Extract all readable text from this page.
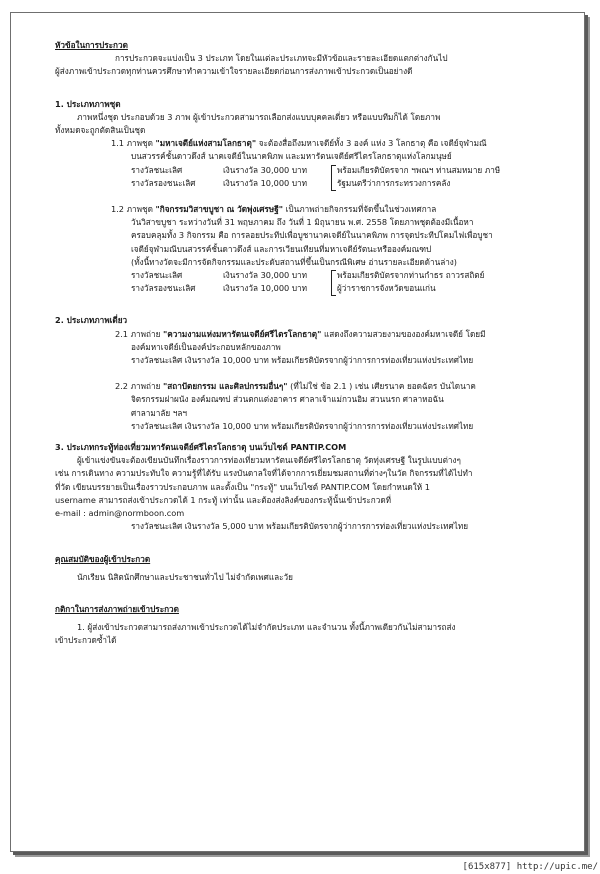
หัวข้อในการประกวด

การประกวดจะแบ่งเป็น 3 ประเภท โดยในแต่ละประเภทจะมีหัวข้อและรายละเอียดแตกต่างกันไป

ผู้ส่งภาพเข้าประกวดทุกท่านควรศึกษาทำความเข้าใจรายละเอียดก่อนการส่งภาพเข้าประกวดเป็นอย่างดี

1. ประเภทภาพชุด

ภาพหนึ่งชุด ประกอบด้วย 3 ภาพ ผู้เข้าประกวดสามารถเลือกส่งแบบบุคคลเดี่ยว หรือแบบทีมก็ได้ โดยภาพ

ทั้งหมดจะถูกตัดสินเป็นชุด

1.1 ภาพชุด "มหาเจดีย์แห่งสามโลกธาตุ" จะต้องสื่อถึงมหาเจดีย์ทั้ง 3 องค์ แห่ง 3 โลกธาตุ คือ เจดีย์จุฬามณี

บนสวรรค์ชั้นดาวดึงส์ นาคเจดีย์ในนาคพิภพ และมหารัตนเจดีย์ศรีไตรโลกธาตุแห่งโลกมนุษย์

รางวัลชนะเลิศ	เงินรางวัล 30,000 บาท	พร้อมเกียรติบัตรจาก ฯพณฯ ท่านสมหมาย ภาษี
รางวัลรองชนะเลิศ	เงินรางวัล 10,000 บาท	รัฐมนตรีว่าการกระทรวงการคลัง

1.2 ภาพชุด "กิจกรรมวิสาขบูชา ณ วัดพุ่งเศรษฐี" เป็นภาพถ่ายกิจกรรมที่จัดขึ้นในช่วงเทศกาล

วันวิสาขบูชา ระหว่างวันที่ 31 พฤษภาคม ถึง วันที่ 1 มิถุนายน พ.ศ. 2558 โดยภาพชุดต้องมีเนื้อหา

ครอบคลุมทั้ง 3 กิจกรรม คือ การลอยประทีปเพื่อบูชานาคเจดีย์ในนาคพิภพ การจุดประทีปโคมไฟเพื่อบูชา

เจดีย์จุฬามณีบนสวรรค์ชั้นดาวดึงส์ และการเวียนเทียนที่มหาเจดีย์รัตนะหรือองค์มณฑป

(ทั้งนี้ทางวัดจะมีการจัดกิจกรรมและประดับสถานที่ขึ้นเป็นกรณีพิเศษ อ่านรายละเอียดด้านล่าง)

รางวัลชนะเลิศ	เงินรางวัล 30,000 บาท	พร้อมเกียรติบัตรจากท่านกำธร ถาวรสถิตย์
รางวัลรองชนะเลิศ	เงินรางวัล 10,000 บาท	ผู้ว่าราชการจังหวัดขอนแก่น

2. ประเภทภาพเดี่ยว

2.1 ภาพถ่าย "ความงามแห่งมหารัตนเจดีย์ศรีไตรโลกธาตุ" แสดงถึงความสวยงามขององค์มหาเจดีย์ โดยมี

องค์มหาเจดีย์เป็นองค์ประกอบหลักของภาพ

รางวัลชนะเลิศ เงินรางวัล 10,000 บาท พร้อมเกียรติบัตรจากผู้ว่าการการท่องเที่ยวแห่งประเทศไทย

2.2 ภาพถ่าย "สถาปัตยกรรม และศิลปกรรมอื่นๆ" (ที่ไม่ใช่ ข้อ 2.1 ) เช่น เศียรนาค ยอดฉัตร บันไดนาค

จิตรกรรมฝาผนัง องค์มณฑป ส่วนตกแต่งอาคาร ศาลาเจ้าแม่กวนอิม สวนนรก ศาลาหอฉัน

ศาลามาลัย ฯลฯ

รางวัลชนะเลิศ เงินรางวัล 10,000 บาท พร้อมเกียรติบัตรจากผู้ว่าการการท่องเที่ยวแห่งประเทศไทย

3. ประเภทกระทู้ท่องเที่ยวมหารัตนเจดีย์ศรีไตรโลกธาตุ บนเว็บไซต์ PANTIP.COM

ผู้เข้าแข่งขันจะต้องเขียนบันทึกเรื่องราวการท่องเที่ยวมหารัตนเจดีย์ศรีไตรโลกธาตุ วัดทุ่งเศรษฐี ในรูปแบบต่างๆ

เช่น การเดินทาง ความประทับใจ ความรู้ที่ได้รับ แรงบันดาลใจที่ได้จากการเยี่ยมชมสถานที่ต่างๆในวัด กิจกรรมที่ได้ไปทำ

ที่วัด เขียนบรรยายเป็นเรื่องราวประกอบภาพ และตั้งเป็น "กระทู้" บนเว็บไซต์ PANTIP.COM โดยกำหนดให้ 1

username สามารถส่งเข้าประกวดได้ 1 กระทู้ เท่านั้น และต้องส่งลิงค์ของกระทู้นั้นเข้าประกวดที่

e-mail : admin@normboon.com

รางวัลชนะเลิศ เงินรางวัล 5,000 บาท พร้อมเกียรติบัตรจากผู้ว่าการการท่องเที่ยวแห่งประเทศไทย

คุณสมบัติของผู้เข้าประกวด

นักเรียน นิสิตนักศึกษาและประชาชนทั่วไป ไม่จำกัดเพศและวัย

กติกาในการส่งภาพถ่ายเข้าประกวด

1. ผู้ส่งเข้าประกวดสามารถส่งภาพเข้าประกวดได้ไม่จำกัดประเภท และจำนวน ทั้งนี้ภาพเดียวกันไม่สามารถส่ง

เข้าประกวดซ้ำได้

[615x877] http://upic.me/
